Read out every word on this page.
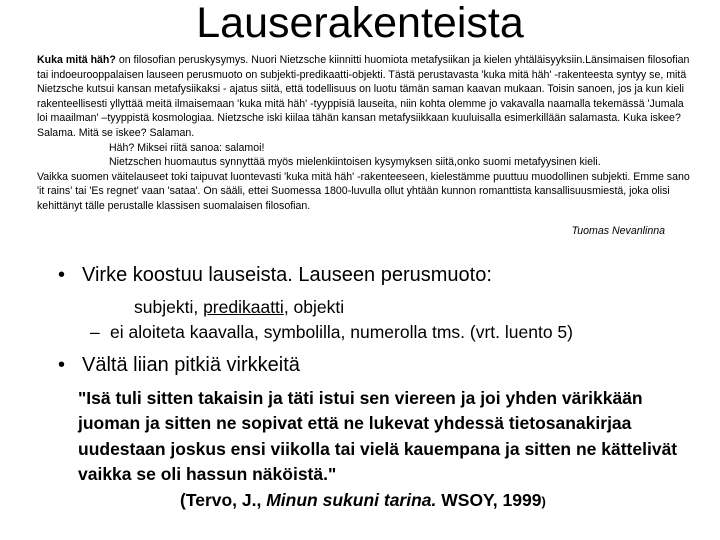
Lauserakenteista

Kuka mitä häh? on filosofian peruskysymys. Nuori Nietzsche kiinnitti huomiota metafysiikan ja kielen yhtäläisyyksiin.Länsimaisen filosofian tai indoeurooppalaisen lauseen perusmuoto on subjekti-predikaatti-objekti. Tästä perustavasta 'kuka mitä häh' -rakenteesta syntyy se, mitä Nietzsche kutsui kansan metafysiikaksi - ajatus siitä, että todellisuus on luotu tämän saman kaavan mukaan. Toisin sanoen, jos ja kun kieli rakenteellisesti yllyttää meitä ilmaisemaan 'kuka mitä häh' -tyyppisiä lauseita, niin kohta olemme jo vakavalla naamalla tekemässä 'Jumala loi maailman' –tyyppistä kosmologiaa. Nietzsche iski kiilaa tähän kansan metafysiikkaan kuuluisalla esimerkillään salamasta. Kuka iskee? Salama. Mitä se iskee? Salaman.

Häh? Miksei riitä sanoa: salamoi!

Nietzschen huomautus synnyttää myös mielenkiintoisen kysymyksen siitä,onko suomi metafyysinen kieli.

Vaikka suomen väitelauseet toki taipuvat luontevasti 'kuka mitä häh' -rakenteeseen, kielestämme puuttuu muodollinen subjekti. Emme sano 'it rains' tai 'Es regnet' vaan 'sataa'. On sääli, ettei Suomessa 1800-luvulla ollut yhtään kunnon romanttista kansallisuusmiestä, joka olisi kehittänyt tälle perustalle klassisen suomalaisen filosofian.

Tuomas Nevanlinna

• Virke koostuu lauseista. Lauseen perusmuoto:
subjekti, predikaatti, objekti
– ei aloiteta kaavalla, symbolilla, numerolla tms. (vrt. luento 5)
• Vältä liian pitkiä virkkeitä
"Isä tuli sitten takaisin ja täti istui sen viereen ja joi yhden värikkään juoman ja sitten ne sopivat että ne lukevat yhdessä tietosanakirjaa uudestaan joskus ensi viikolla tai vielä kauempana ja sitten ne kättelivät vaikka se oli hassun näköistä."
(Tervo, J., Minun sukuni tarina. WSOY, 1999)
